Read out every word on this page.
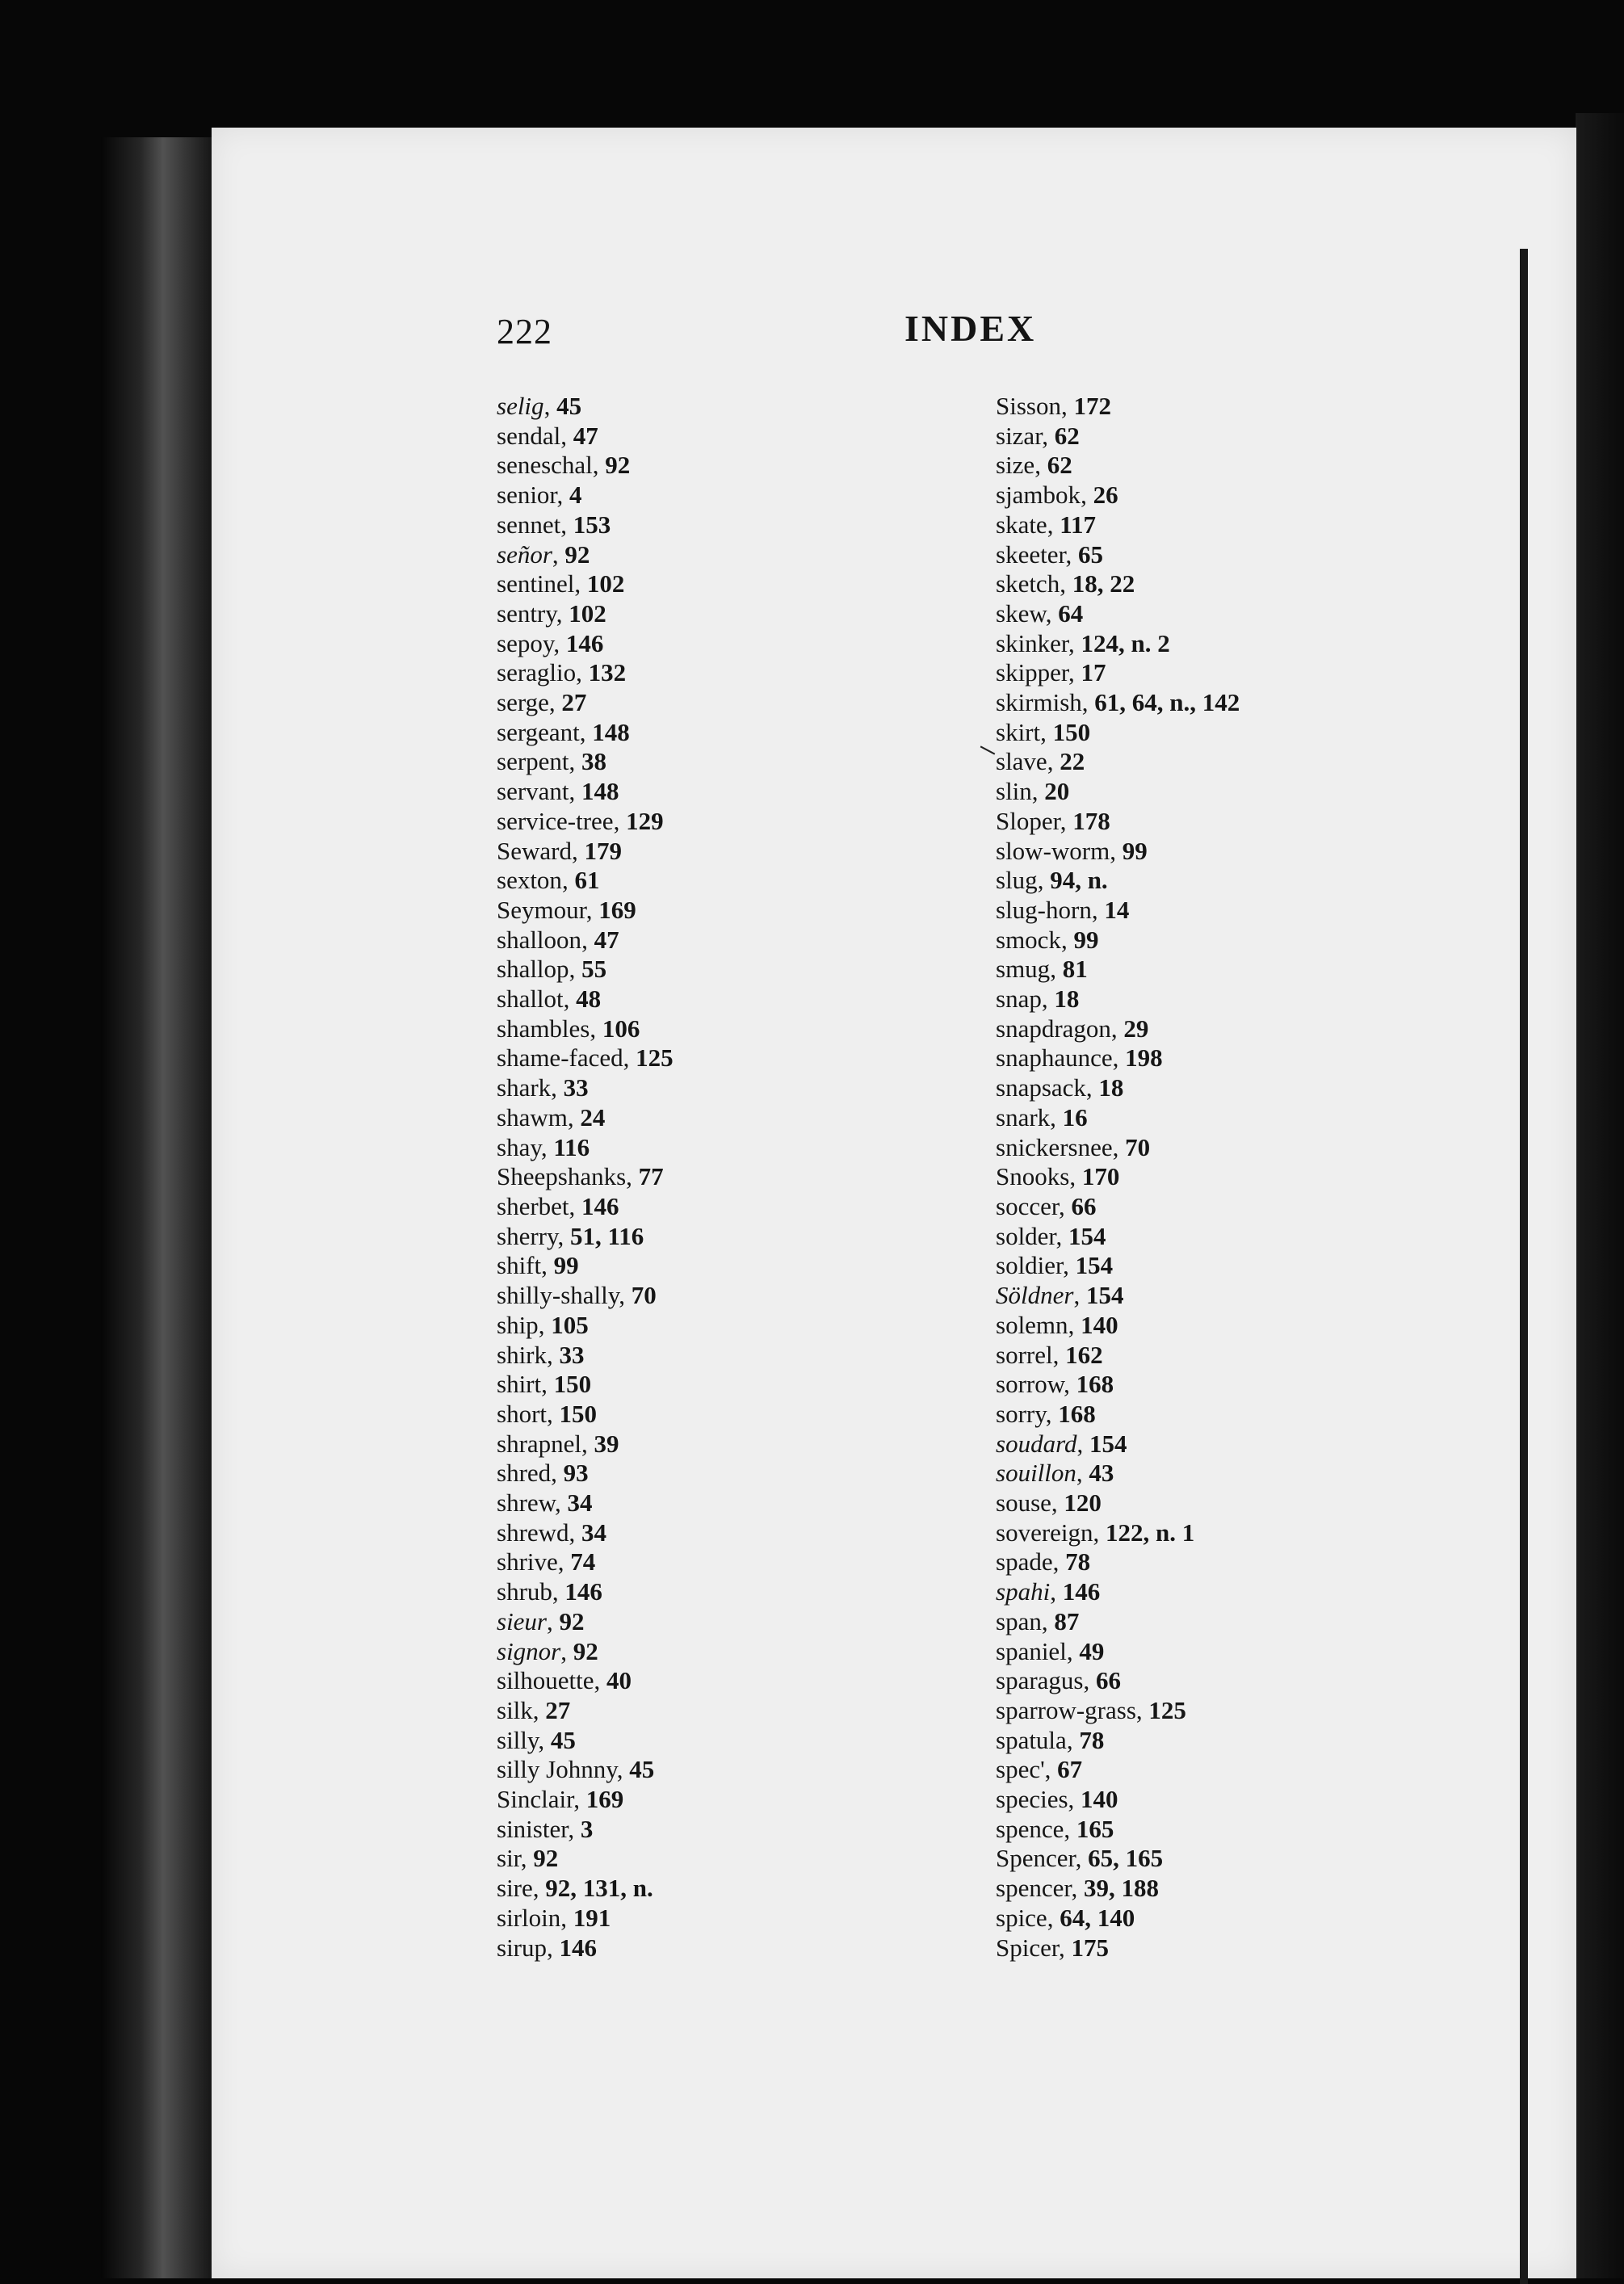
222	INDEX
selig, 45
sendal, 47
seneschal, 92
senior, 4
sennet, 153
señor, 92
sentinel, 102
sentry, 102
sepoy, 146
seraglio, 132
serge, 27
sergeant, 148
serpent, 38
servant, 148
service-tree, 129
Seward, 179
sexton, 61
Seymour, 169
shalloon, 47
shallop, 55
shallot, 48
shambles, 106
shame-faced, 125
shark, 33
shawm, 24
shay, 116
Sheepshanks, 77
sherbet, 146
sherry, 51, 116
shift, 99
shilly-shally, 70
ship, 105
shirk, 33
shirt, 150
short, 150
shrapnel, 39
shred, 93
shrew, 34
shrewd, 34
shrive, 74
shrub, 146
sieur, 92
signor, 92
silhouette, 40
silk, 27
silly, 45
silly Johnny, 45
Sinclair, 169
sinister, 3
sir, 92
sire, 92, 131, n.
sirloin, 191
sirup, 146
Sisson, 172
sizar, 62
size, 62
sjambok, 26
skate, 117
skeeter, 65
sketch, 18, 22
skew, 64
skinker, 124, n. 2
skipper, 17
skirmish, 61, 64, n., 142
skirt, 150
slave, 22
slin, 20
Sloper, 178
slow-worm, 99
slug, 94, n.
slug-horn, 14
smock, 99
smug, 81
snap, 18
snapdragon, 29
snaphaunce, 198
snapsack, 18
snark, 16
snickersnee, 70
Snooks, 170
soccer, 66
solder, 154
soldier, 154
Söldner, 154
solemn, 140
sorrel, 162
sorrow, 168
sorry, 168
soudard, 154
souillon, 43
souse, 120
sovereign, 122, n. 1
spade, 78
spahi, 146
span, 87
spaniel, 49
sparagus, 66
sparrow-grass, 125
spatula, 78
spec', 67
species, 140
spence, 165
Spencer, 65, 165
spencer, 39, 188
spice, 64, 140
Spicer, 175
